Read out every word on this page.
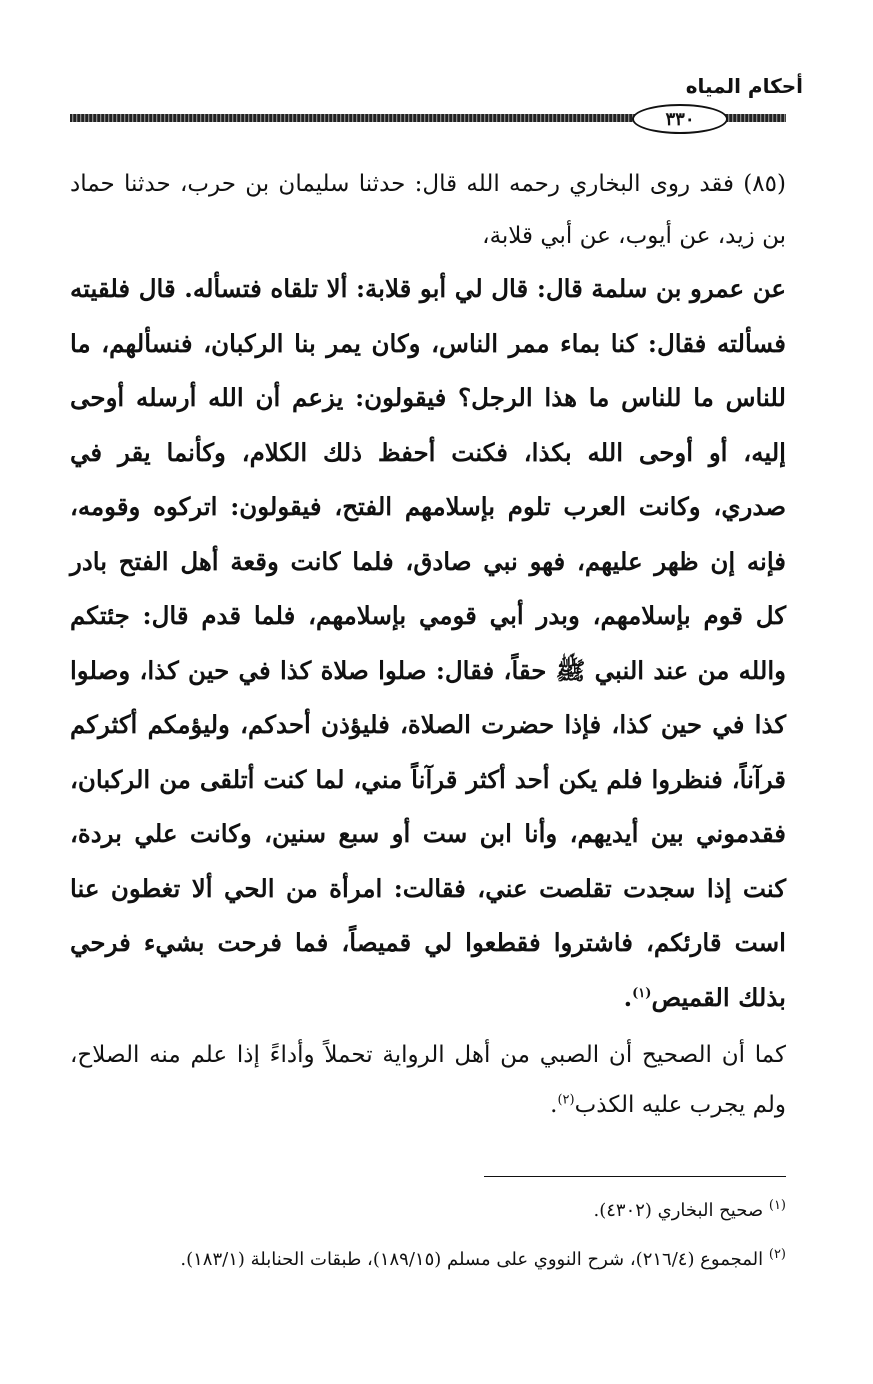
أحكام المياه
٣٣٠

(٨٥) فقد روى البخاري رحمه الله قال: حدثنا سليمان بن حرب، حدثنا حماد بن زيد، عن أيوب، عن أبي قلابة،

عن عمرو بن سلمة قال: قال لي أبو قلابة: ألا تلقاه فتسأله. قال فلقيته فسألته فقال: كنا بماء ممر الناس، وكان يمر بنا الركبان، فنسألهم، ما للناس ما للناس ما هذا الرجل؟ فيقولون: يزعم أن الله أرسله أوحى إليه، أو أوحى الله بكذا، فكنت أحفظ ذلك الكلام، وكأنما يقر في صدري، وكانت العرب تلوم بإسلامهم الفتح، فيقولون: اتركوه وقومه، فإنه إن ظهر عليهم، فهو نبي صادق، فلما كانت وقعة أهل الفتح بادر كل قوم بإسلامهم، وبدر أبي قومي بإسلامهم، فلما قدم قال: جئتكم والله من عند النبي ﷺ حقاً، فقال: صلوا صلاة كذا في حين كذا، وصلوا كذا في حين كذا، فإذا حضرت الصلاة، فليؤذن أحدكم، وليؤمكم أكثركم قرآناً، فنظروا فلم يكن أحد أكثر قرآناً مني، لما كنت أتلقى من الركبان، فقدموني بين أيديهم، وأنا ابن ست أو سبع سنين، وكانت علي بردة، كنت إذا سجدت تقلصت عني، فقالت: امرأة من الحي ألا تغطون عنا است قارئكم، فاشتروا فقطعوا لي قميصاً، فما فرحت بشيء فرحي بذلك القميص$^{(١)}$.

كما أن الصحيح أن الصبي من أهل الرواية تحملاً وأداءً إذا علم منه الصلاح، ولم يجرب عليه الكذب$^{(٢)}$.

$^{(١)}$ صحيح البخاري (٤٣٠٢).

$^{(٢)}$ المجموع (٢١٦/٤)، شرح النووي على مسلم (١٨٩/١٥)، طبقات الحنابلة (١٨٣/١).
